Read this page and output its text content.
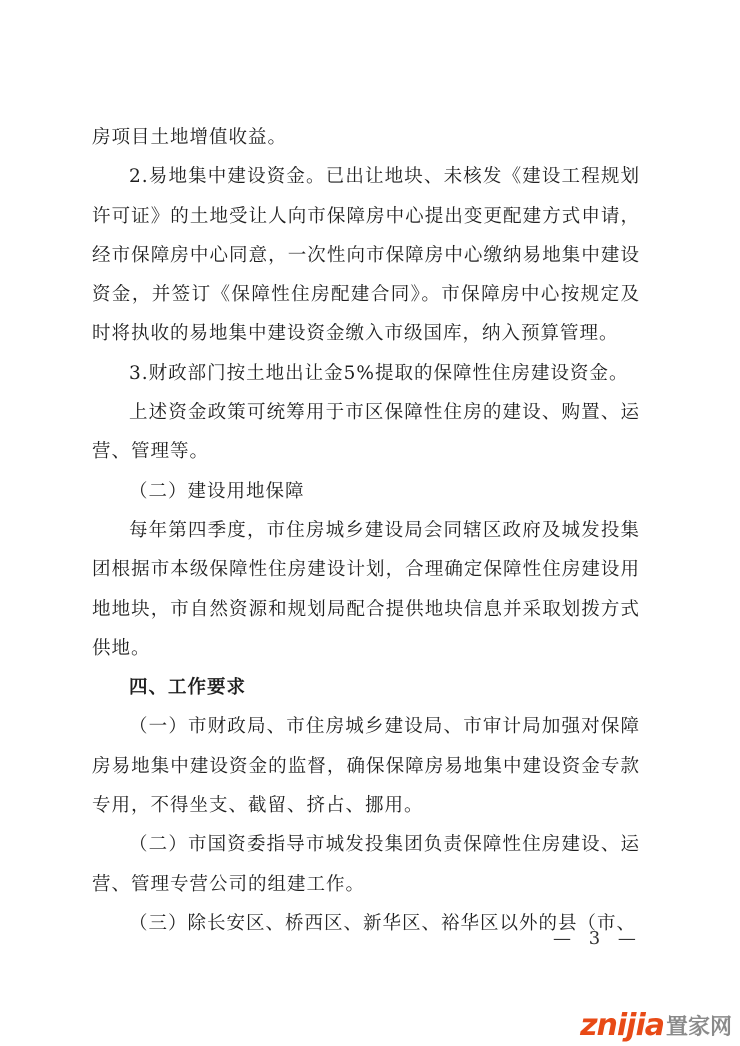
房项目土地增值收益。

2.易地集中建设资金。已出让地块、未核发《建设工程规划许可证》的土地受让人向市保障房中心提出变更配建方式申请，经市保障房中心同意，一次性向市保障房中心缴纳易地集中建设资金，并签订《保障性住房配建合同》。市保障房中心按规定及时将执收的易地集中建设资金缴入市级国库，纳入预算管理。

3.财政部门按土地出让金5%提取的保障性住房建设资金。

上述资金政策可统筹用于市区保障性住房的建设、购置、运营、管理等。

（二）建设用地保障

每年第四季度，市住房城乡建设局会同辖区政府及城发投集团根据市本级保障性住房建设计划，合理确定保障性住房建设用地地块，市自然资源和规划局配合提供地块信息并采取划拨方式供地。

四、工作要求

（一）市财政局、市住房城乡建设局、市审计局加强对保障房易地集中建设资金的监督，确保保障房易地集中建设资金专款专用，不得坐支、截留、挤占、挪用。

（二）市国资委指导市城发投集团负责保障性住房建设、运营、管理专营公司的组建工作。

（三）除长安区、桥西区、新华区、裕华区以外的县（市、

— 3 —
znijia 置家网
